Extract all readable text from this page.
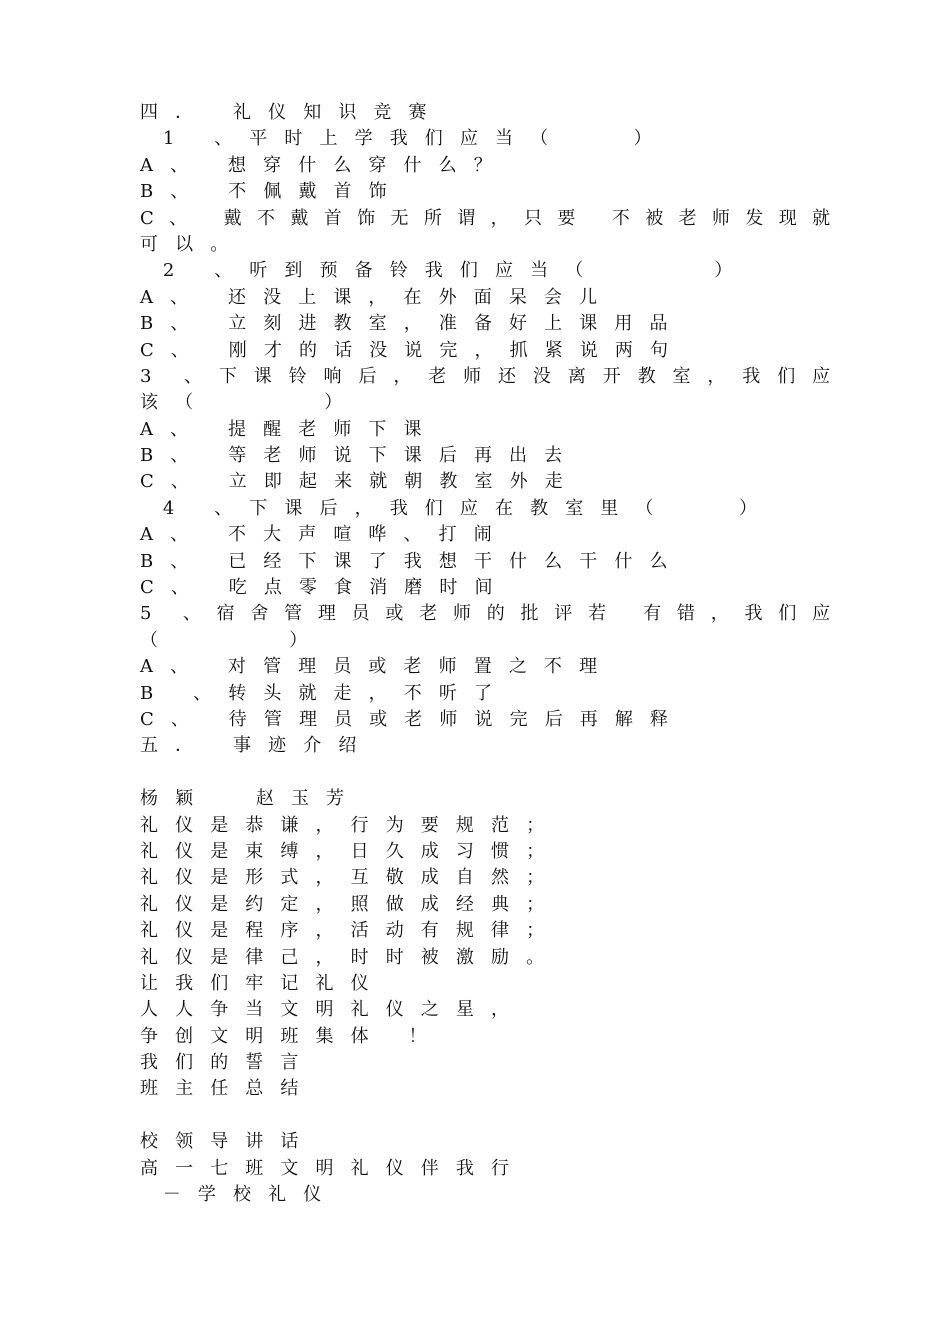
四． 礼仪知识竞赛
1 、平时上学我们应当（   ）
A、 想穿什么穿什么？
B、 不佩戴首饰
C、 戴不戴首饰无所谓，只要 不被老师发现就
可以。
2 、听到预备铃我们应当（     ）
A、 还没上课，在外面呆会儿
B、 立刻进教室，准备好上课用品
C、 刚才的话没说完，抓紧说两句
3 、下课铃响后，老师还没离开教室，我们应
该（     ）
A、 提醒老师下课
B、 等老师说下课后再出去
C、 立即起来就朝教室外走
4 、下课后，我们应在教室里（   ）
A、 不大声喧哗、打闹
B、 已经下课了我想干什么干什么
C、 吃点零食消磨时间
5 、宿舍管理员或老师的批评若 有错，我们应
（     ）
A、 对管理员或老师置之不理
B 、转头就走，不听了
C、 待管理员或老师说完后再解释
五． 事迹介绍
杨颖  赵玉芳
礼仪是恭谦，行为要规范；
礼仪是束缚，日久成习惯；
礼仪是形式，互敬成自然；
礼仪是约定，照做成经典；
礼仪是程序，活动有规律；
礼仪是律己，时时被激励。
让我们牢记礼仪
人人争当文明礼仪之星，
争创文明班集体 ！
我们的誓言
班主任总结
校领导讲话
高一七班文明礼仪伴我行
－学校礼仪
